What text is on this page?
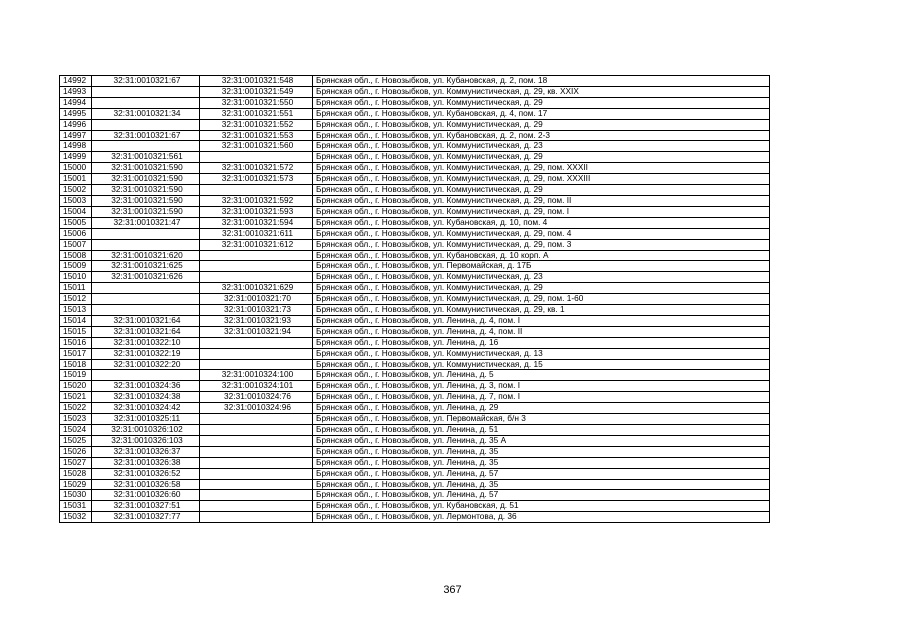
14992	32:31:0010321:67	32:31:0010321:548	Брянская обл., г. Новозыбков, ул. Кубановская, д. 2, пом. 18
14993		32:31:0010321:549	Брянская обл., г. Новозыбков, ул. Коммунистическая, д. 29, кв. XXIX
14994		32:31:0010321:550	Брянская обл., г. Новозыбков, ул. Коммунистическая, д. 29
14995	32:31:0010321:34	32:31:0010321:551	Брянская обл., г. Новозыбков, ул. Кубановская, д. 4, пом. 17
14996		32:31:0010321:552	Брянская обл., г. Новозыбков, ул. Коммунистическая, д. 29
14997	32:31:0010321:67	32:31:0010321:553	Брянская обл., г. Новозыбков, ул. Кубановская, д. 2, пом. 2-3
14998		32:31:0010321:560	Брянская обл., г. Новозыбков, ул. Коммунистическая, д. 23
14999	32:31:0010321:561		Брянская обл., г. Новозыбков, ул. Коммунистическая, д. 29
15000	32:31:0010321:590	32:31:0010321:572	Брянская обл., г. Новозыбков, ул. Коммунистическая, д. 29, пом. XXXII
15001	32:31:0010321:590	32:31:0010321:573	Брянская обл., г. Новозыбков, ул. Коммунистическая, д. 29, пом. XXXIII
15002	32:31:0010321:590		Брянская обл., г. Новозыбков, ул. Коммунистическая, д. 29
15003	32:31:0010321:590	32:31:0010321:592	Брянская обл., г. Новозыбков, ул. Коммунистическая, д. 29, пом. II
15004	32:31:0010321:590	32:31:0010321:593	Брянская обл., г. Новозыбков, ул. Коммунистическая, д. 29, пом. I
15005	32:31:0010321:47	32:31:0010321:594	Брянская обл., г. Новозыбков, ул. Кубановская, д. 10, пом. 4
15006		32:31:0010321:611	Брянская обл., г. Новозыбков, ул. Коммунистическая, д. 29, пом. 4
15007		32:31:0010321:612	Брянская обл., г. Новозыбков, ул. Коммунистическая, д. 29, пом. 3
15008	32:31:0010321:620		Брянская обл., г. Новозыбков, ул. Кубановская, д. 10 корп. А
15009	32:31:0010321:625		Брянская обл., г. Новозыбков, ул. Первомайская, д. 17Б
15010	32:31:0010321:626		Брянская обл., г. Новозыбков, ул. Коммунистическая, д. 23
15011		32:31:0010321:629	Брянская обл., г. Новозыбков, ул. Коммунистическая, д. 29
15012		32:31:0010321:70	Брянская обл., г. Новозыбков, ул. Коммунистическая, д. 29, пом. 1-60
15013		32:31:0010321:73	Брянская обл., г. Новозыбков, ул. Коммунистическая, д. 29, кв. 1
15014	32:31:0010321:64	32:31:0010321:93	Брянская обл., г. Новозыбков, ул. Ленина, д. 4, пом. I
15015	32:31:0010321:64	32:31:0010321:94	Брянская обл., г. Новозыбков, ул. Ленина, д. 4, пом. II
15016	32:31:0010322:10		Брянская обл., г. Новозыбков, ул. Ленина, д. 16
15017	32:31:0010322:19		Брянская обл., г. Новозыбков, ул. Коммунистическая, д. 13
15018	32:31:0010322:20		Брянская обл., г. Новозыбков, ул. Коммунистическая, д. 15
15019		32:31:0010324:100	Брянская обл., г. Новозыбков, ул. Ленина, д. 5
15020	32:31:0010324:36	32:31:0010324:101	Брянская обл., г. Новозыбков, ул. Ленина, д. 3, пом. I
15021	32:31:0010324:38	32:31:0010324:76	Брянская обл., г. Новозыбков, ул. Ленина, д. 7, пом. I
15022	32:31:0010324:42	32:31:0010324:96	Брянская обл., г. Новозыбков, ул. Ленина, д. 29
15023	32:31:0010325:11		Брянская обл., г. Новозыбков, ул. Первомайская, б/н 3
15024	32:31:0010326:102		Брянская обл., г. Новозыбков, ул. Ленина, д. 51
15025	32:31:0010326:103		Брянская обл., г. Новозыбков, ул. Ленина, д. 35 А
15026	32:31:0010326:37		Брянская обл., г. Новозыбков, ул. Ленина, д. 35
15027	32:31:0010326:38		Брянская обл., г. Новозыбков, ул. Ленина, д. 35
15028	32:31:0010326:52		Брянская обл., г. Новозыбков, ул. Ленина, д. 57
15029	32:31:0010326:58		Брянская обл., г. Новозыбков, ул. Ленина, д. 35
15030	32:31:0010326:60		Брянская обл., г. Новозыбков, ул. Ленина, д. 57
15031	32:31:0010327:51		Брянская обл., г. Новозыбков, ул. Кубановская, д. 51
15032	32:31:0010327:77		Брянская обл., г. Новозыбков, ул. Лермонтова, д. 36
367
